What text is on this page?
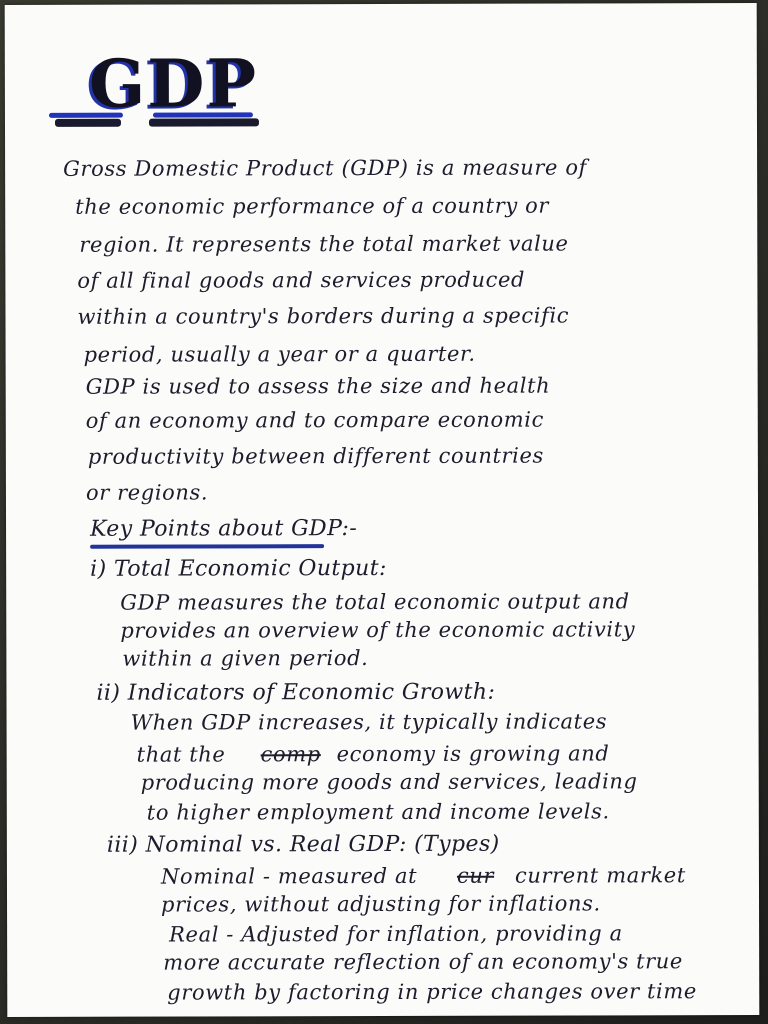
GDP
Gross Domestic Product (GDP) is a measure of
the economic performance of a country or
region. It represents the total market value
of all final goods and services produced
within a country's borders during a specific
period, usually a year or a quarter.
GDP is used to assess the size and health
of an economy and to compare economic
productivity between different countries
or regions.
Key Points about GDP:-
i) Total Economic Output:
GDP measures the total economic output and
provides an overview of the economic activity
within a given period.
ii) Indicators of Economic Growth:
When GDP increases, it typically indicates
that the comp economy is growing and
producing more goods and services, leading
to higher employment and income levels.
iii) Nominal vs. Real GDP: (Types)
Nominal - measured at cur current market
prices, without adjusting for inflations.
Real - Adjusted for inflation, providing a
more accurate reflection of an economy's true
growth by factoring in price changes over time
